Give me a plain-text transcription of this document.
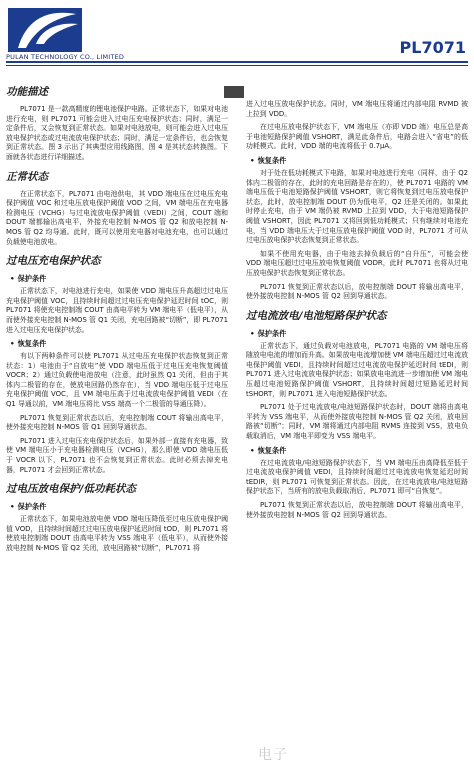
PULAN TECHNOLOGY CO., LIMITED	PL7071
功能描述

PL7071 是一款高精度的锂电池保护电路。正常状态下，如果对电池进行充电，则 PL7071 可能会进入过电压充电保护状态；同时，满足一定条件后，又会恢复到正常状态。如果对电池放电，则可能会进入过电压放电保护状态或过电流放电保护状态；同时，满足一定条件后，也会恢复到正常状态。图 3 示出了其典型应用线路图，图 4 是其状态转换图。下面就各状态进行详细描述。

正常状态

在正常状态下，PL7071 由电池供电，其 VDD 端电压在过电压充电保护阈值 VOC 和过电压放电保护阈值 VOD 之间，VM 端电压在充电器检测电压（VCHG）与过电流放电保护阈值（VEDI）之间，COUT 端和 DOUT 端都输出高电平，外接充电控制 N-MOS 管 Q2 和放电控制 N-MOS 管 Q2 均导通。此时，既可以使用充电器对电池充电，也可以通过负载使电池放电。

过电压充电保护状态
• 保护条件

正常状态下，对电池进行充电，如果使 VDD 端电压升高超过过电压充电保护阈值 VOC，且持续时间超过过电压充电保护延迟时间 tOC，则 PL7071 将使充电控制端 COUT 由高电平转为 VM 端电平（低电平），从而使外接充电控制 N-MOS 管 Q1 关闭，充电回路被“切断”，即 PL7071 进入过电压充电保护状态。

• 恢复条件

有以下两种条件可以使 PL7071 从过电压充电保护状态恢复到正常状态：1）电池由于“自放电”使 VDD 端电压低于过电压充电恢复阈值 VOCR；2）通过负载使电池放电（注意，此时虽然 Q1 关闭，但由于其体内二极管的存在，使放电回路仍然存在），当 VDD 端电压低于过电压充电保护阈值 VOC，且 VM 端电压高于过电流放电保护阈值 VEDI（在 Q1 导通以前，VM 端电压将比 VSS 端高一个二极管的导通压降）。

PL7071 恢复到正常状态以后，充电控制端 COUT 将输出高电平，使外接充电控制 N-MOS 管 Q1 回到导通状态。

PL7071 进入过电压充电保护状态后，如果外部一直接有充电器，致使 VM 端电压小于充电器检测电压（VCHG），那么即使 VDD 端电压低于 VOCR 以下，PL7071 也不会恢复到正常状态。此时必须去掉充电器，PL7071 才会回到正常状态。

过电压放电保护/低功耗状态
• 保护条件

正常状态下，如果电池放电使 VDD 端电压降低至过电压放电保护阈值 VOD，且持续时间超过过电压放电保护延迟时间 tOD，则 PL7071 将使放电控制端 DOUT 由高电平转为 VSS 端电平（低电平），从而使外接放电控制 N-MOS 管 Q2 关闭，放电回路被“切断”，PL7071 将

进入过电压放电保护状态。同时，VM 端电压将通过内部电阻 RVMD 被上拉到 VDD。

在过电压放电保护状态下，VM 端电压（亦即 VDD 端）电压总是高于电池短路保护阈值 VSHORT，满足此条件后，电路会进入“省电”的低功耗模式。此时，VDD 端的电流将低于 0.7μA。

• 恢复条件

对于处在低功耗模式下电路，如果对电池进行充电（同样，由于 Q2 体内二极管的存在，此时的充电回路是存在的），使 PL7071 电路的 VM 端电压低于电池短路保护阈值 VSHORT，则它将恢复到过电压放电保护状态，此时，放电控制端 DOUT 仍为低电平，Q2 还是关闭的。如果此时停止充电，由于 VM 端仍被 RVMD 上拉到 VDD，大于电池短路保护阈值 VSHORT，因此 PL7071 又将回到低功耗模式；只有继续对电池充电，当 VDD 端电压大于过电压放电保护阈值 VOD 时，PL7071 才可从过电压放电保护状态恢复到正常状态。

如果不使用充电器，由于电池去掉负载后的“自升压”，可能会使 VDD 端电压超过过电压放电恢复阈值 VODR，此时 PL7071 也将从过电压放电保护状态恢复到正常状态。

PL7071 恢复到正常状态以后，放电控制端 DOUT 将输出高电平，使外接放电控制 N-MOS 管 Q2 回到导通状态。

过电流放电/电池短路保护状态
• 保护条件

正常状态下，通过负载对电池放电，PL7071 电路的 VM 端电压将随放电电流的增加而升高。如果放电电流增加使 VM 端电压超过过电流放电保护阈值 VEDI，且持续时间超过过电流放电保护延迟时间 tEDI，则 PL7071 进入过电流放电保护状态；如果放电电流进一步增加使 VM 端电压超过电池短路保护阈值 VSHORT，且持续时间超过短路延迟时间 tSHORT，则 PL7071 进入电池短路保护状态。

PL7071 处于过电流放电/电池短路保护状态时，DOUT 端将由高电平转为 VSS 端电平，从而使外接放电控制 N-MOS 管 Q2 关闭，放电回路被“切断”；同时，VM 端将通过内部电阻 RVMS 连接到 VSS，放电负载取消后，VM 端电平即变为 VSS 端电平。

• 恢复条件

在过电流放电/电池短路保护状态下，当 VM 端电压由高降低至低于过电流放电保护阈值 VEDI，且持续时间超过过电流放电恢复延迟时间 tEDIR，则 PL7071 可恢复到正常状态。因此，在过电流放电/电池短路保护状态下，当所有的放电负载取消后，PL7071 即可“自恢复”。

PL7071 恢复到正常状态以后，放电控制端 DOUT 将输出高电平，使外接放电控制 N-MOS 管 Q2 回到导通状态。

电子
